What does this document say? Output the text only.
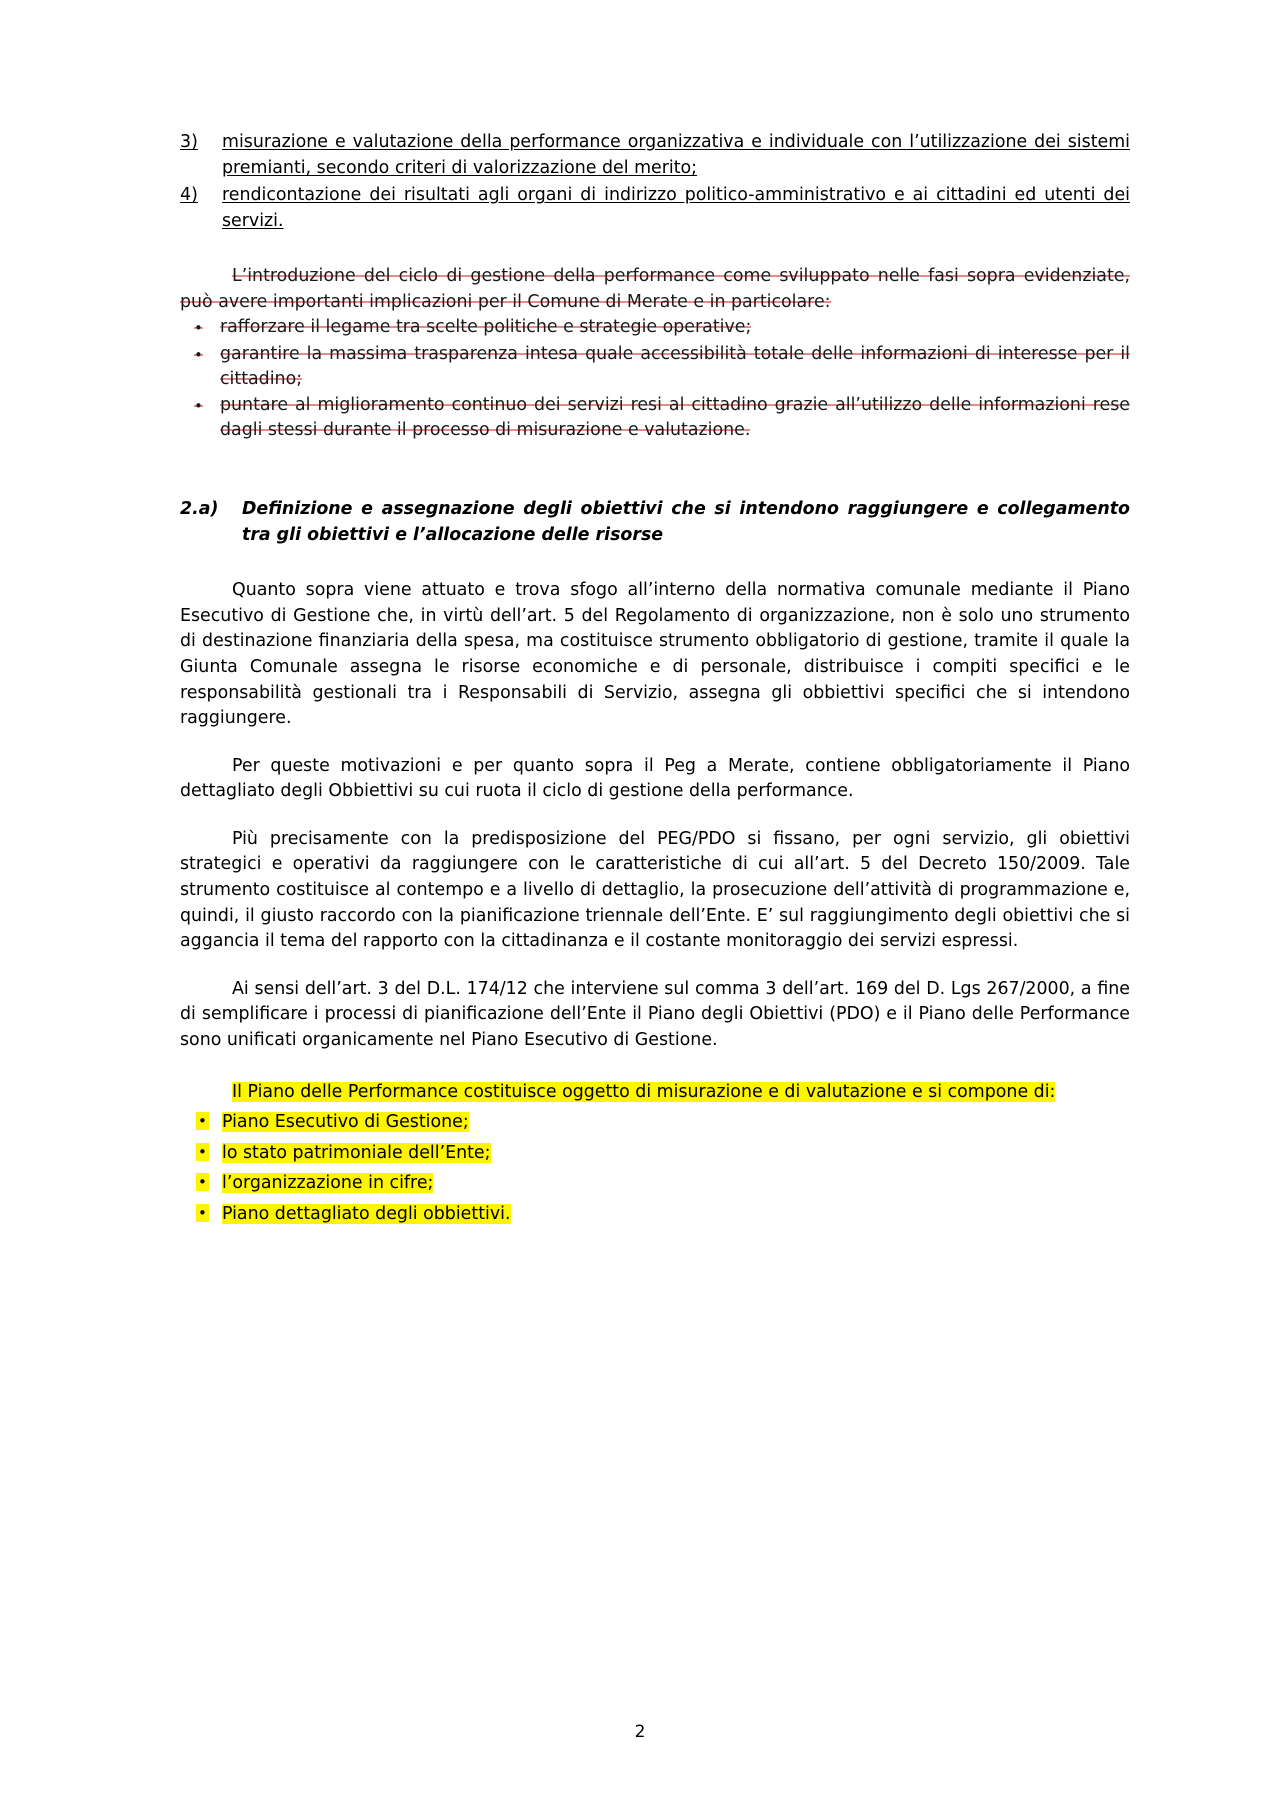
3)	misurazione e valutazione della performance organizzativa e individuale con l’utilizzazione dei sistemi premianti, secondo criteri di valorizzazione del merito;
4)	rendicontazione dei risultati agli organi di indirizzo politico-amministrativo e ai cittadini ed utenti dei servizi.

L’introduzione del ciclo di gestione della performance come sviluppato nelle fasi sopra evidenziate, può avere importanti implicazioni per il Comune di Merate e in particolare:

• rafforzare il legame tra scelte politiche e strategie operative;
• garantire la massima trasparenza intesa quale accessibilità totale delle informazioni di interesse per il cittadino;
• puntare al miglioramento continuo dei servizi resi al cittadino grazie all’utilizzo delle informazioni rese dagli stessi durante il processo di misurazione e valutazione.
2.a)	Definizione e assegnazione degli obiettivi che si intendono raggiungere e collegamento tra gli obiettivi e l’allocazione delle risorse

Quanto sopra viene attuato e trova sfogo all’interno della normativa comunale mediante il Piano Esecutivo di Gestione che, in virtù dell’art. 5 del Regolamento di organizzazione, non è solo uno strumento di destinazione finanziaria della spesa, ma costituisce strumento obbligatorio di gestione, tramite il quale la Giunta Comunale assegna le risorse economiche e di personale, distribuisce i compiti specifici e le responsabilità gestionali tra i Responsabili di Servizio, assegna gli obbiettivi specifici che si intendono raggiungere.

Per queste motivazioni e per quanto sopra il Peg a Merate, contiene obbligatoriamente il Piano dettagliato degli Obbiettivi su cui ruota il ciclo di gestione della performance.

Più precisamente con la predisposizione del PEG/PDO si fissano, per ogni servizio, gli obiettivi strategici e operativi da raggiungere con le caratteristiche di cui all’art. 5 del Decreto 150/2009. Tale strumento costituisce al contempo e a livello di dettaglio, la prosecuzione dell’attività di programmazione e, quindi, il giusto raccordo con la pianificazione triennale dell’Ente. E’ sul raggiungimento degli obiettivi che si aggancia il tema del rapporto con la cittadinanza e il costante monitoraggio dei servizi espressi.

Ai sensi dell’art. 3 del D.L. 174/12 che interviene sul comma 3 dell’art. 169 del D. Lgs 267/2000, a fine di semplificare i processi di pianificazione dell’Ente il Piano degli Obiettivi (PDO) e il Piano delle Performance sono unificati organicamente nel Piano Esecutivo di Gestione.

Il Piano delle Performance costituisce oggetto di misurazione e di valutazione e si compone di:

• Piano Esecutivo di Gestione;
• lo stato patrimoniale dell’Ente;
• l’organizzazione in cifre;
• Piano dettagliato degli obbiettivi.
2
